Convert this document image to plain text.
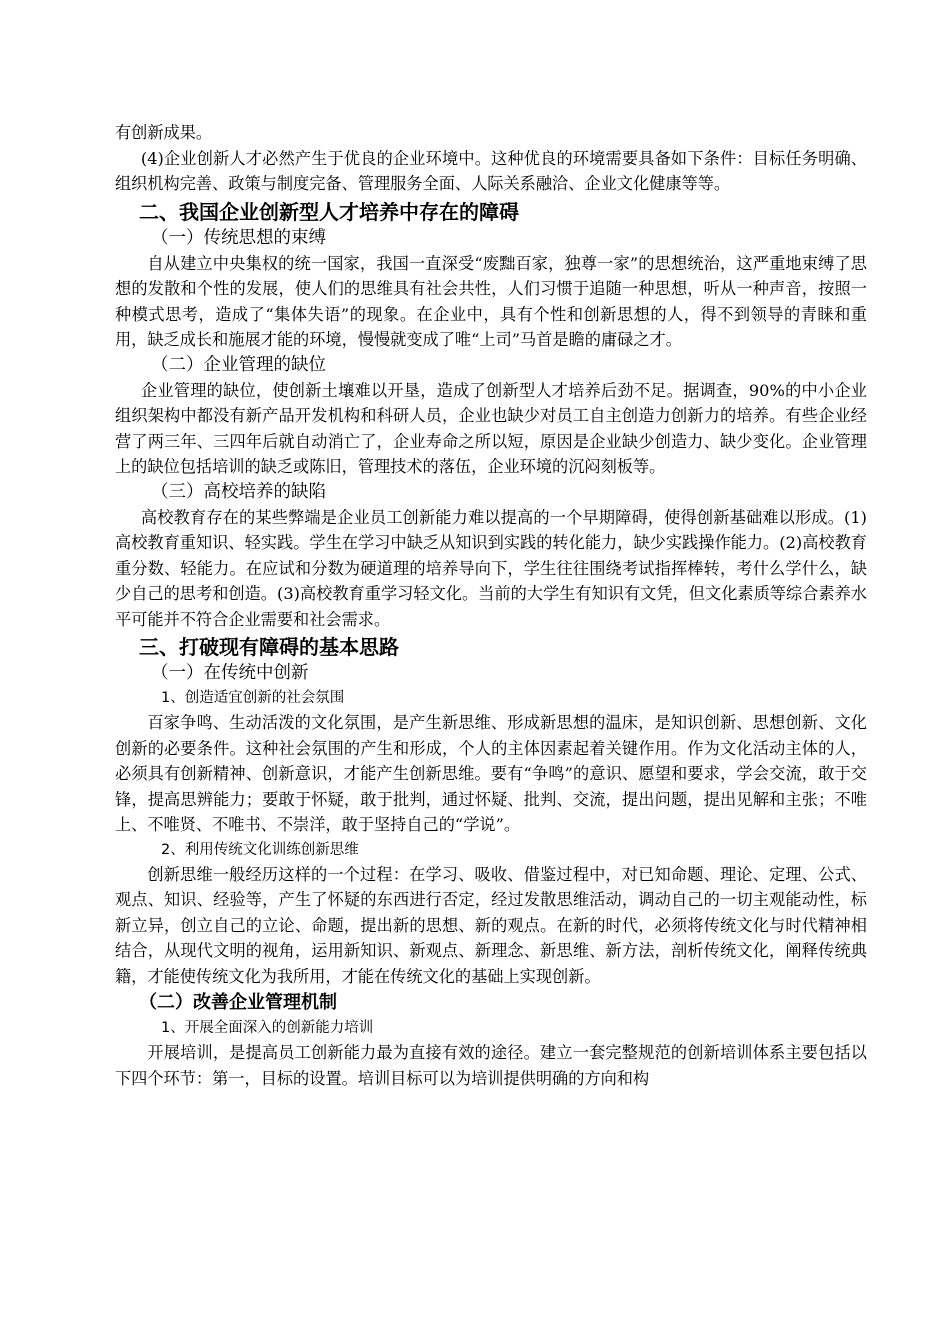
有创新成果。

(4)企业创新人才必然产生于优良的企业环境中。这种优良的环境需要具备如下条件：目标任务明确、组织机构完善、政策与制度完备、管理服务全面、人际关系融洽、企业文化健康等等。

二、我国企业创新型人才培养中存在的障碍
（一）传统思想的束缚

自从建立中央集权的统一国家，我国一直深受“废黜百家，独尊一家”的思想统治，这严重地束缚了思想的发散和个性的发展，使人们的思维具有社会共性，人们习惯于追随一种思想，听从一种声音，按照一种模式思考，造成了“集体失语”的现象。在企业中，具有个性和创新思想的人，得不到领导的青睐和重用，缺乏成长和施展才能的环境，慢慢就变成了唯“上司”马首是瞻的庸碌之才。

（二）企业管理的缺位

企业管理的缺位，使创新土壤难以开垦，造成了创新型人才培养后劲不足。据调查，90%的中小企业组织架构中都没有新产品开发机构和科研人员，企业也缺少对员工自主创造力创新力的培养。有些企业经营了两三年、三四年后就自动消亡了，企业寿命之所以短，原因是企业缺少创造力、缺少变化。企业管理上的缺位包括培训的缺乏或陈旧，管理技术的落伍，企业环境的沉闷刻板等。

（三）高校培养的缺陷

高校教育存在的某些弊端是企业员工创新能力难以提高的一个早期障碍，使得创新基础难以形成。(1)高校教育重知识、轻实践。学生在学习中缺乏从知识到实践的转化能力，缺少实践操作能力。(2)高校教育重分数、轻能力。在应试和分数为硬道理的培养导向下，学生往往围绕考试指挥棒转，考什么学什么，缺少自己的思考和创造。(3)高校教育重学习轻文化。当前的大学生有知识有文凭，但文化素质等综合素养水平可能并不符合企业需要和社会需求。

三、打破现有障碍的基本思路
（一）在传统中创新
1、创造适宜创新的社会氛围

百家争鸣、生动活泼的文化氛围，是产生新思维、形成新思想的温床，是知识创新、思想创新、文化创新的必要条件。这种社会氛围的产生和形成，个人的主体因素起着关键作用。作为文化活动主体的人，必须具有创新精神、创新意识，才能产生创新思维。要有“争鸣”的意识、愿望和要求，学会交流，敢于交锋，提高思辨能力；要敢于怀疑，敢于批判，通过怀疑、批判、交流，提出问题，提出见解和主张；不唯上、不唯贤、不唯书、不崇洋，敢于坚持自己的“学说”。

2、利用传统文化训练创新思维

创新思维一般经历这样的一个过程：在学习、吸收、借鉴过程中，对已知命题、理论、定理、公式、观点、知识、经验等，产生了怀疑的东西进行否定，经过发散思维活动，调动自己的一切主观能动性，标新立异，创立自己的立论、命题，提出新的思想、新的观点。在新的时代，必须将传统文化与时代精神相结合，从现代文明的视角，运用新知识、新观点、新理念、新思维、新方法，剖析传统文化，阐释传统典籍，才能使传统文化为我所用，才能在传统文化的基础上实现创新。

（二）改善企业管理机制
1、开展全面深入的创新能力培训

开展培训，是提高员工创新能力最为直接有效的途径。建立一套完整规范的创新培训体系主要包括以下四个环节：第一，目标的设置。培训目标可以为培训提供明确的方向和构
